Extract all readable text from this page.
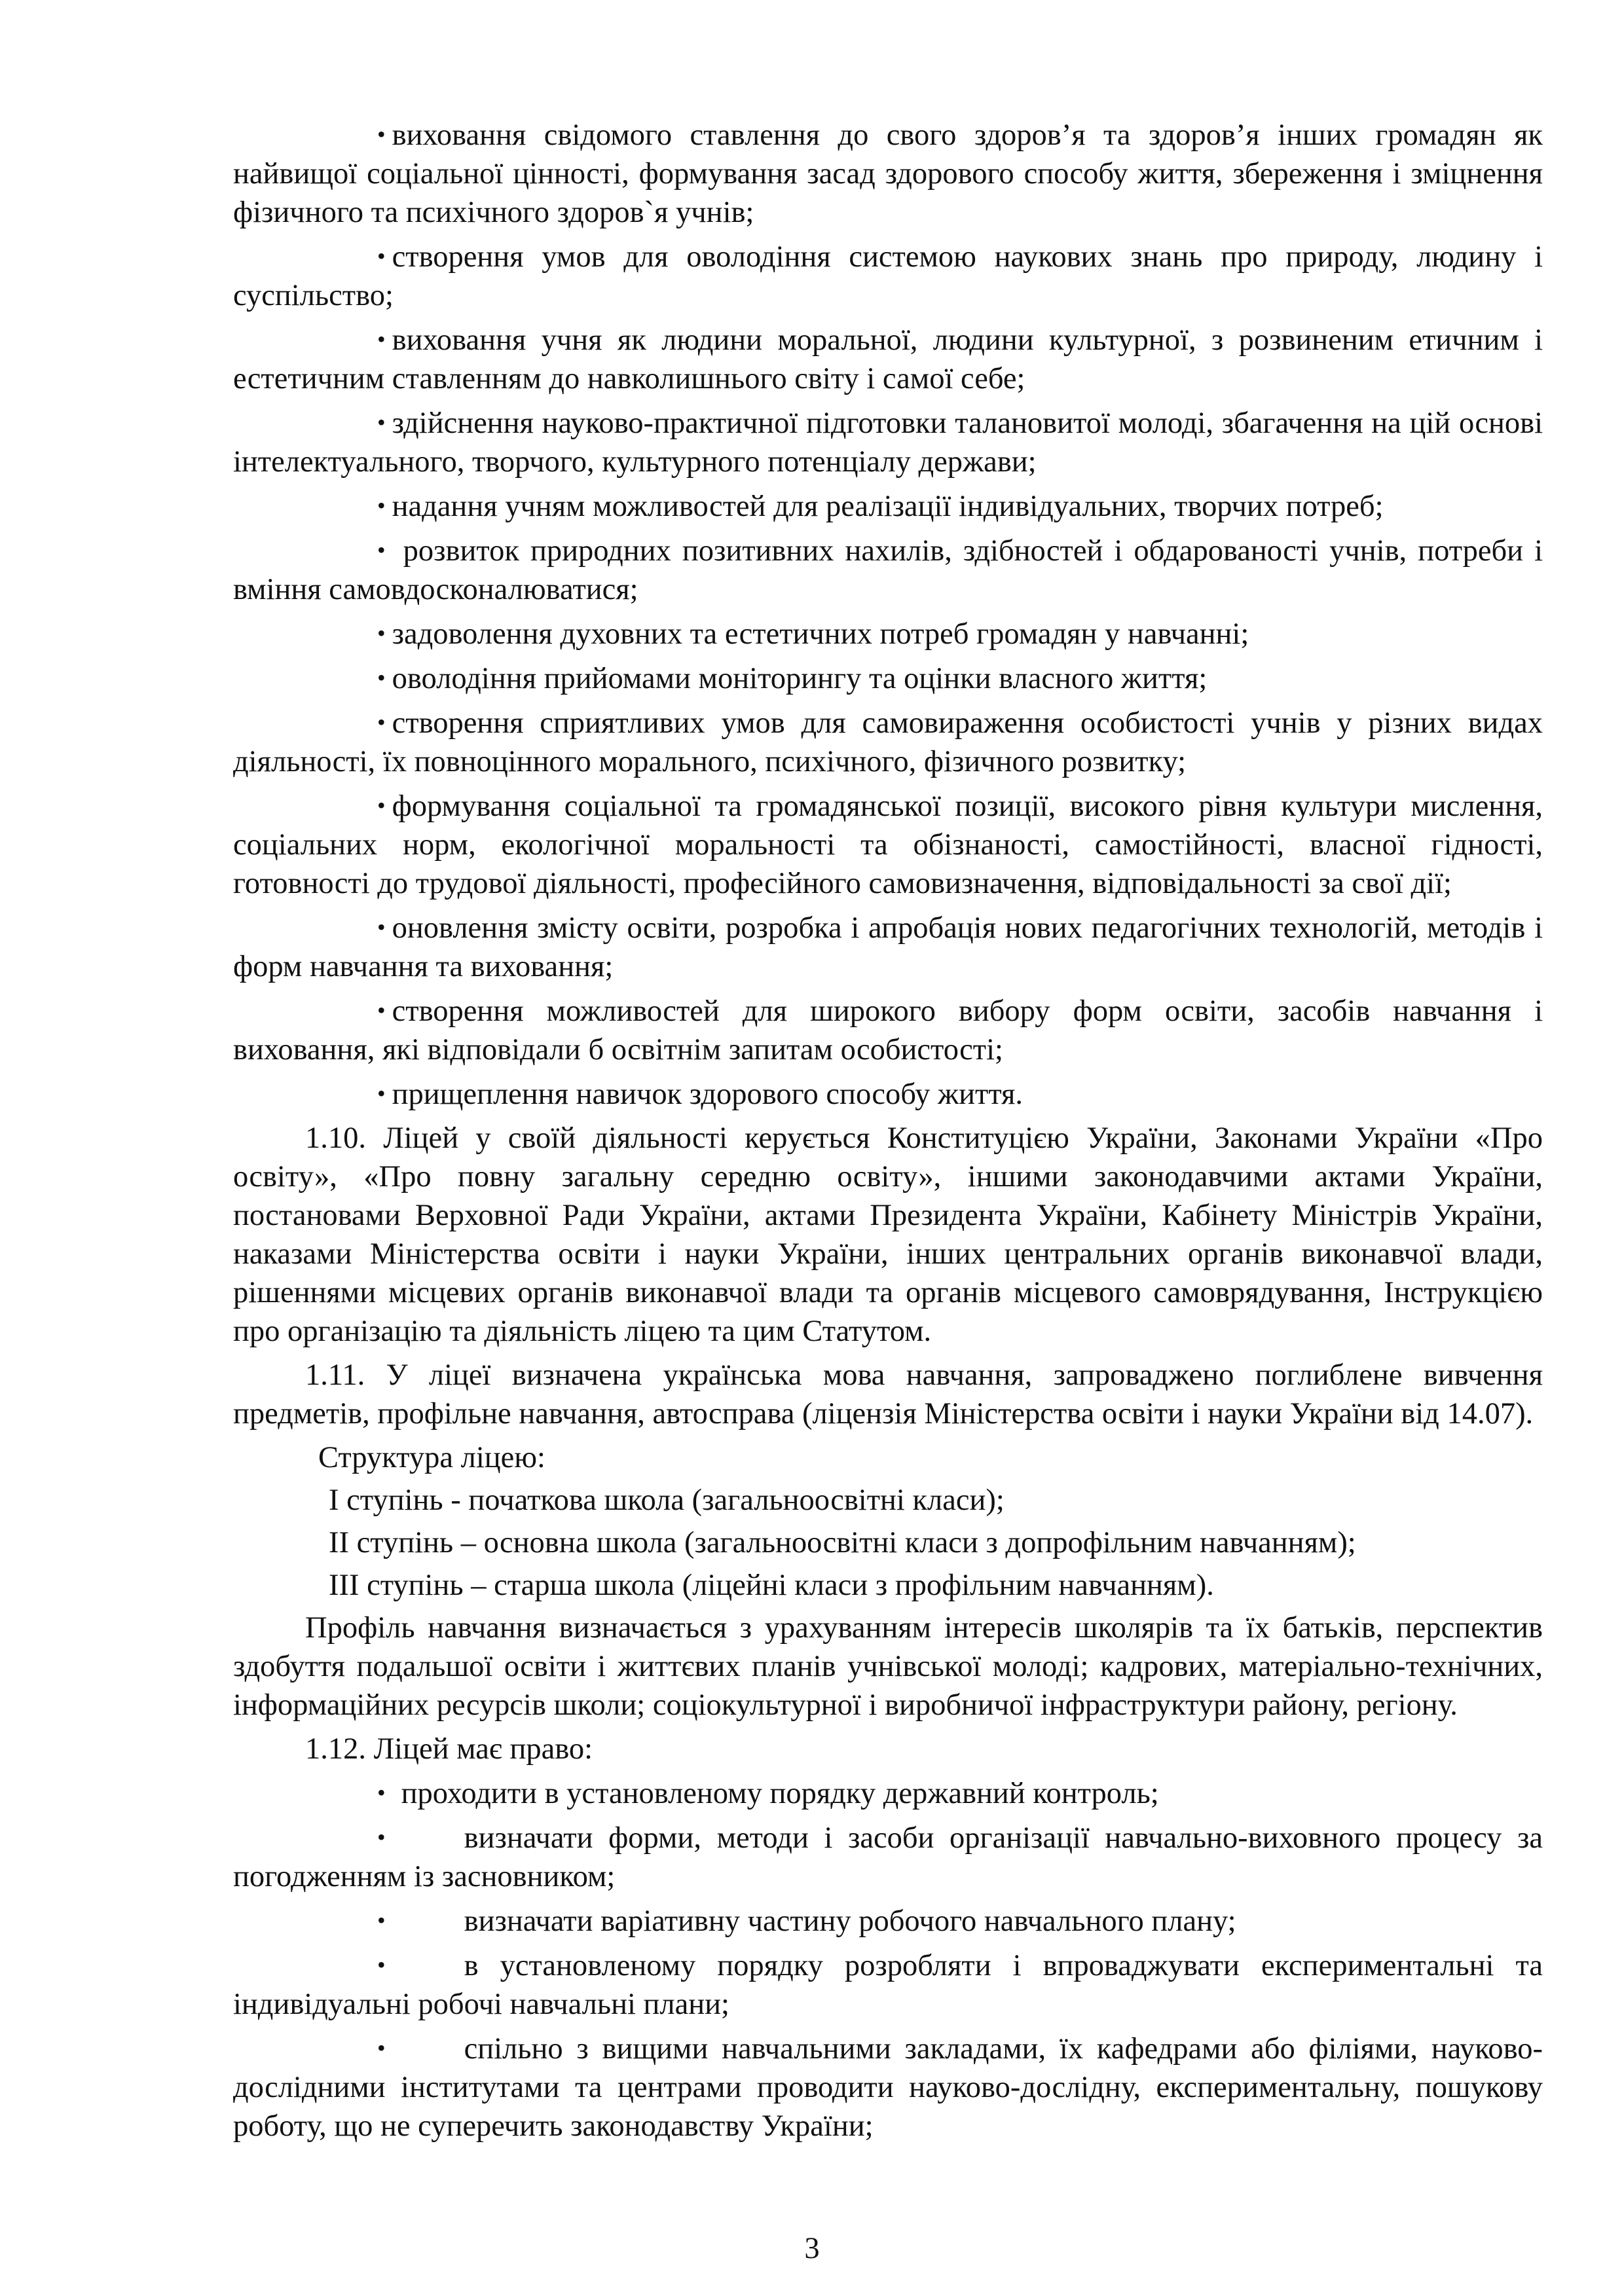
• виховання свідомого ставлення до свого здоров’я та здоров’я інших громадян як найвищої соціальної цінності, формування засад здорового способу життя, збереження і зміцнення фізичного та психічного здоров`я учнів;

• створення умов для оволодіння системою наукових знань про природу, людину і суспільство;

• виховання учня як людини моральної, людини культурної, з розвиненим етичним і естетичним ставленням до навколишнього світу і самої себе;

• здійснення науково-практичної підготовки талановитої молоді, збагачення на цій основі інтелектуального, творчого, культурного потенціалу держави;

• надання учням можливостей для реалізації індивідуальних, творчих потреб;

• розвиток природних позитивних нахилів, здібностей і обдарованості учнів, потреби і вміння самовдосконалюватися;

• задоволення духовних та естетичних потреб громадян у навчанні;

• оволодіння прийомами моніторингу та оцінки власного життя;

• створення сприятливих умов для самовираження особистості учнів у різних видах діяльності, їх повноцінного морального, психічного, фізичного розвитку;

• формування соціальної та громадянської позиції, високого рівня культури мислення, соціальних норм, екологічної моральності та обізнаності, самостійності, власної гідності, готовності до трудової діяльності, професійного самовизначення, відповідальності за свої дії;

• оновлення змісту освіти, розробка і апробація нових педагогічних технологій, методів і форм навчання та виховання;

• створення можливостей для широкого вибору форм освіти, засобів навчання і виховання, які відповідали б освітнім запитам особистості;

• прищеплення навичок здорового способу життя.

1.10. Ліцей у своїй діяльності керується Конституцією України, Законами України «Про освіту», «Про повну загальну середню освіту», іншими законодавчими актами України, постановами Верховної Ради України, актами Президента України, Кабінету Міністрів України, наказами Міністерства освіти і науки України, інших центральних органів виконавчої влади, рішеннями місцевих органів виконавчої влади та органів місцевого самоврядування, Інструкцією про організацію та діяльність ліцею та цим Статутом.

1.11. У ліцеї визначена українська мова навчання, запроваджено поглиблене вивчення предметів, профільне навчання, автосправа (ліцензія Міністерства освіти і науки України від 14.07).

Структура ліцею:
І ступінь - початкова школа (загальноосвітні класи);
ІІ ступінь – основна школа (загальноосвітні класи з допрофільним навчанням);
ІІІ ступінь – старша школа (ліцейні класи з профільним навчанням).

Профіль навчання визначається з урахуванням інтересів школярів та їх батьків, перспектив здобуття подальшої освіти і життєвих планів учнівської молоді; кадрових, матеріально-технічних, інформаційних ресурсів школи; соціокультурної і виробничої інфраструктури району, регіону.

1.12. Ліцей має право:

• проходити в установленому порядку державний контроль;

•	визначати форми, методи і засоби організації навчально-виховного процесу за погодженням із засновником;

•	визначати варіативну частину робочого навчального плану;

•	в установленому порядку розробляти і впроваджувати експериментальні та індивідуальні робочі навчальні плани;

•	спільно з вищими навчальними закладами, їх кафедрами або філіями, науково-дослідними інститутами та центрами проводити науково-дослідну, експериментальну, пошукову роботу, що не суперечить законодавству України;

3
